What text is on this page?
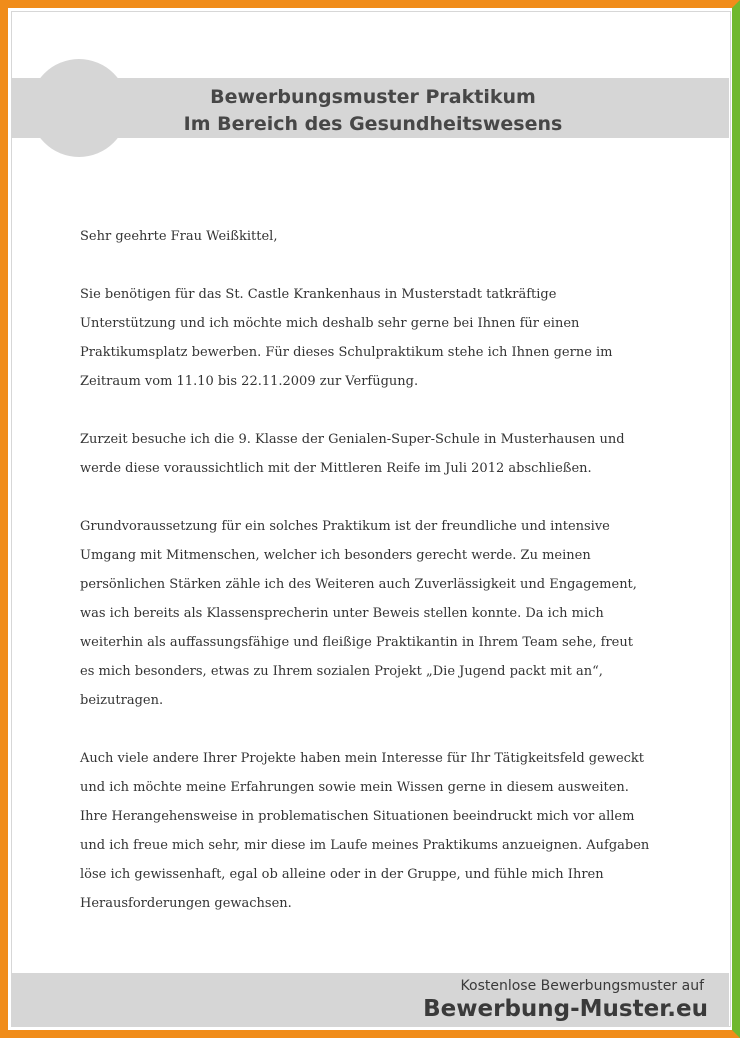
Bewerbungsmuster Praktikum
Im Bereich des Gesundheitswesens

Sehr geehrte Frau Weißkittel,

Sie benötigen für das St. Castle Krankenhaus in Musterstadt tatkräftige
Unterstützung und ich möchte mich deshalb sehr gerne bei Ihnen für einen
Praktikumsplatz bewerben. Für dieses Schulpraktikum stehe ich Ihnen gerne im
Zeitraum vom 11.10 bis 22.11.2009 zur Verfügung.

Zurzeit besuche ich die 9. Klasse der Genialen-Super-Schule in Musterhausen und
werde diese voraussichtlich mit der Mittleren Reife im Juli 2012 abschließen.

Grundvoraussetzung für ein solches Praktikum ist der freundliche und intensive
Umgang mit Mitmenschen, welcher ich besonders gerecht werde. Zu meinen
persönlichen Stärken zähle ich des Weiteren auch Zuverlässigkeit und Engagement,
was ich bereits als Klassensprecherin unter Beweis stellen konnte. Da ich mich
weiterhin als auffassungsfähige und fleißige Praktikantin in Ihrem Team sehe, freut
es mich besonders, etwas zu Ihrem sozialen Projekt „Die Jugend packt mit an“,
beizutragen.

Auch viele andere Ihrer Projekte haben mein Interesse für Ihr Tätigkeitsfeld geweckt
und ich möchte meine Erfahrungen sowie mein Wissen gerne in diesem ausweiten.
Ihre Herangehensweise in problematischen Situationen beeindruckt mich vor allem
und ich freue mich sehr, mir diese im Laufe meines Praktikums anzueignen. Aufgaben
löse ich gewissenhaft, egal ob alleine oder in der Gruppe, und fühle mich Ihren
Herausforderungen gewachsen.

Kostenlose Bewerbungsmuster auf
Bewerbung-Muster.eu
